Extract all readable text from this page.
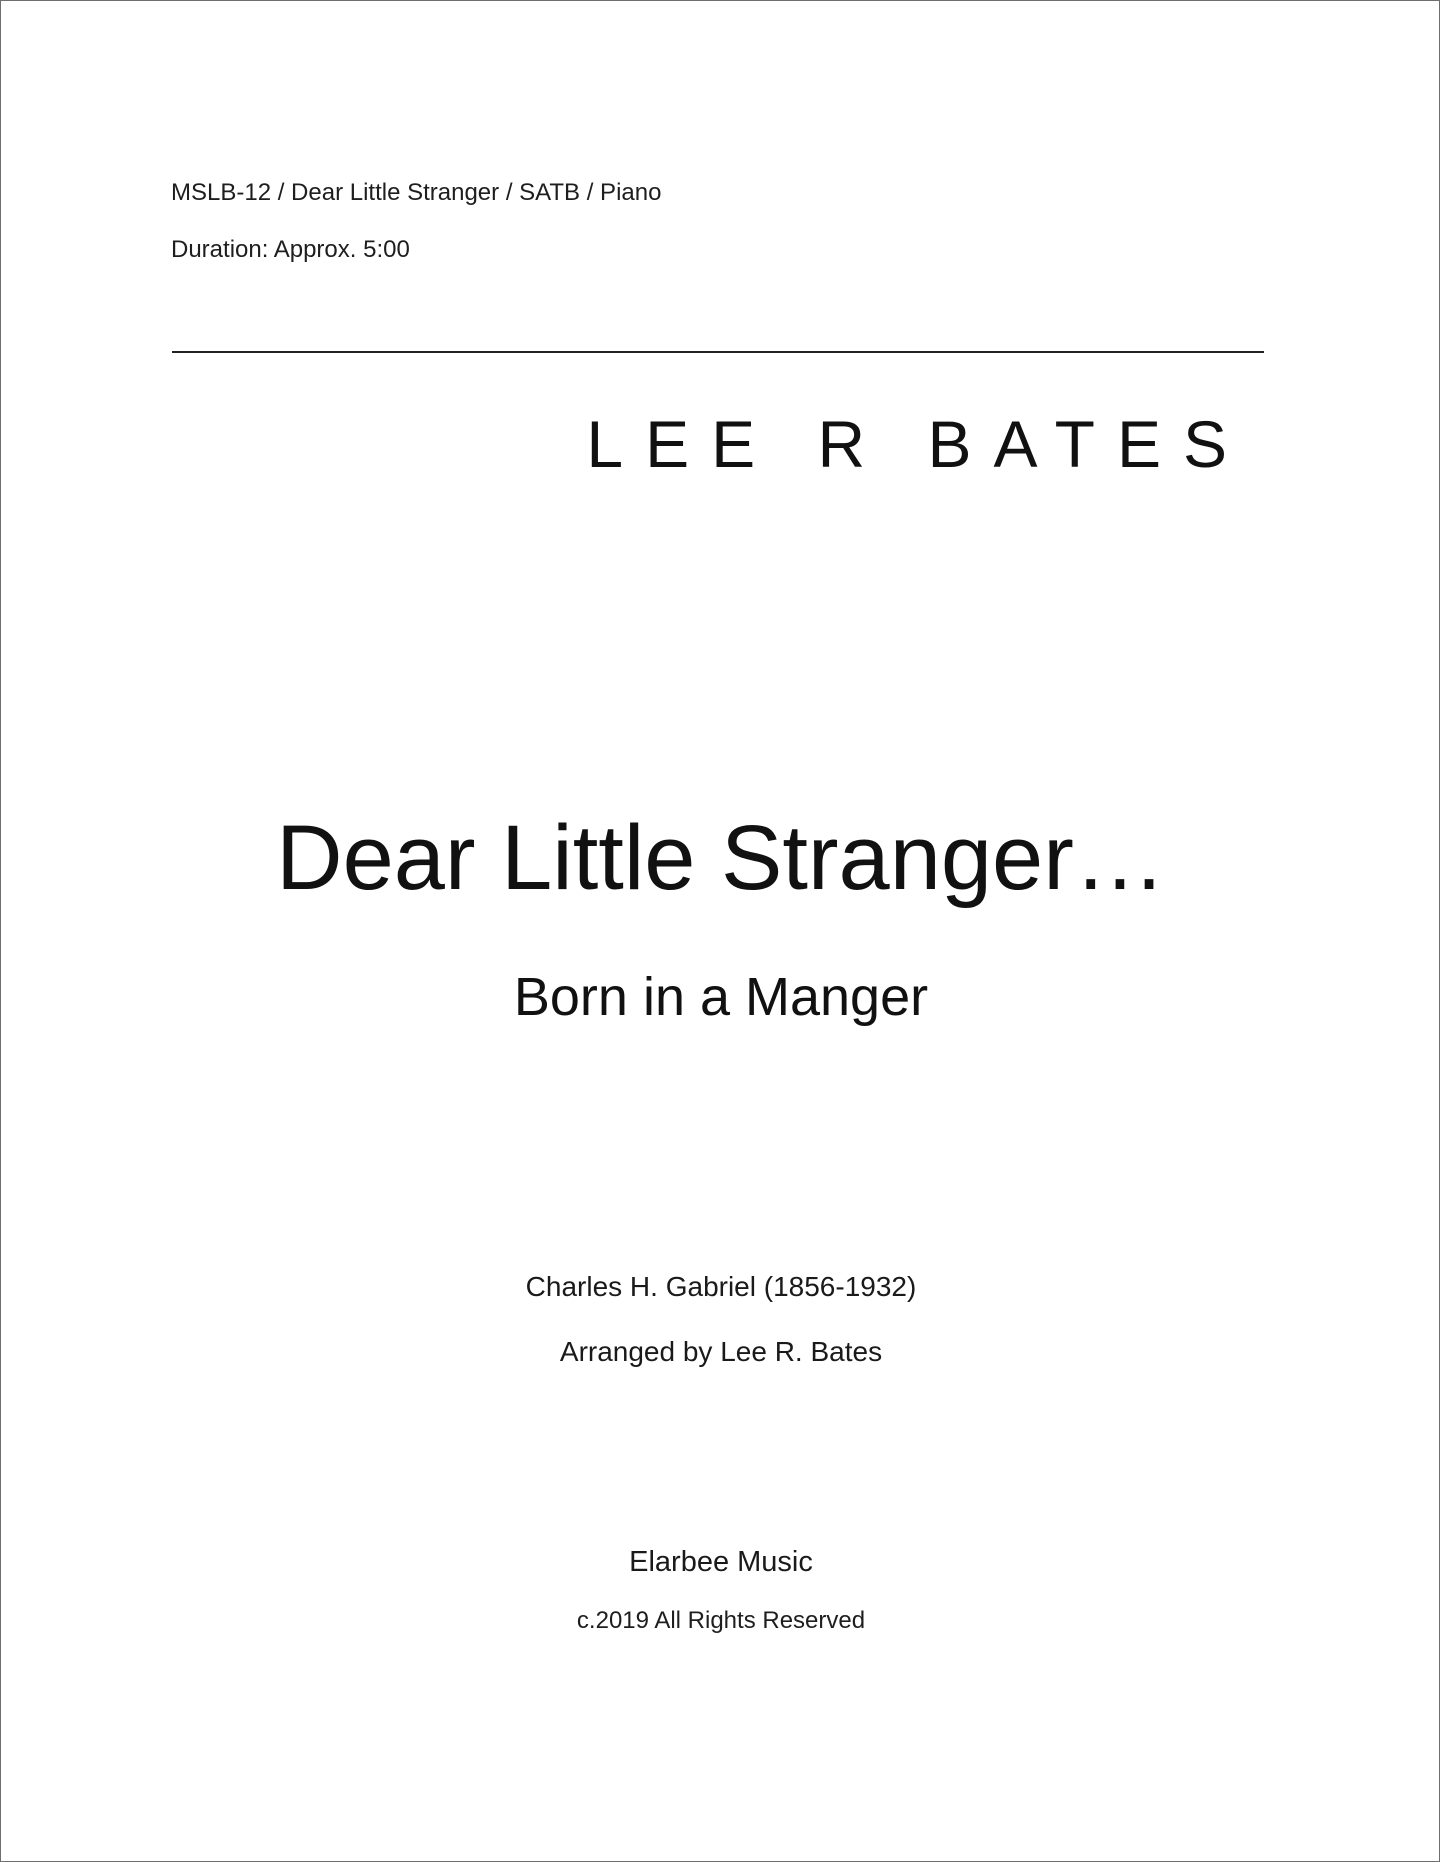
MSLB-12 / Dear Little Stranger / SATB / Piano
Duration: Approx. 5:00
LEE R BATES
Dear Little Stranger…
Born in a Manger
Charles H. Gabriel (1856-1932)
Arranged by Lee R. Bates
Elarbee Music
c.2019 All Rights Reserved
